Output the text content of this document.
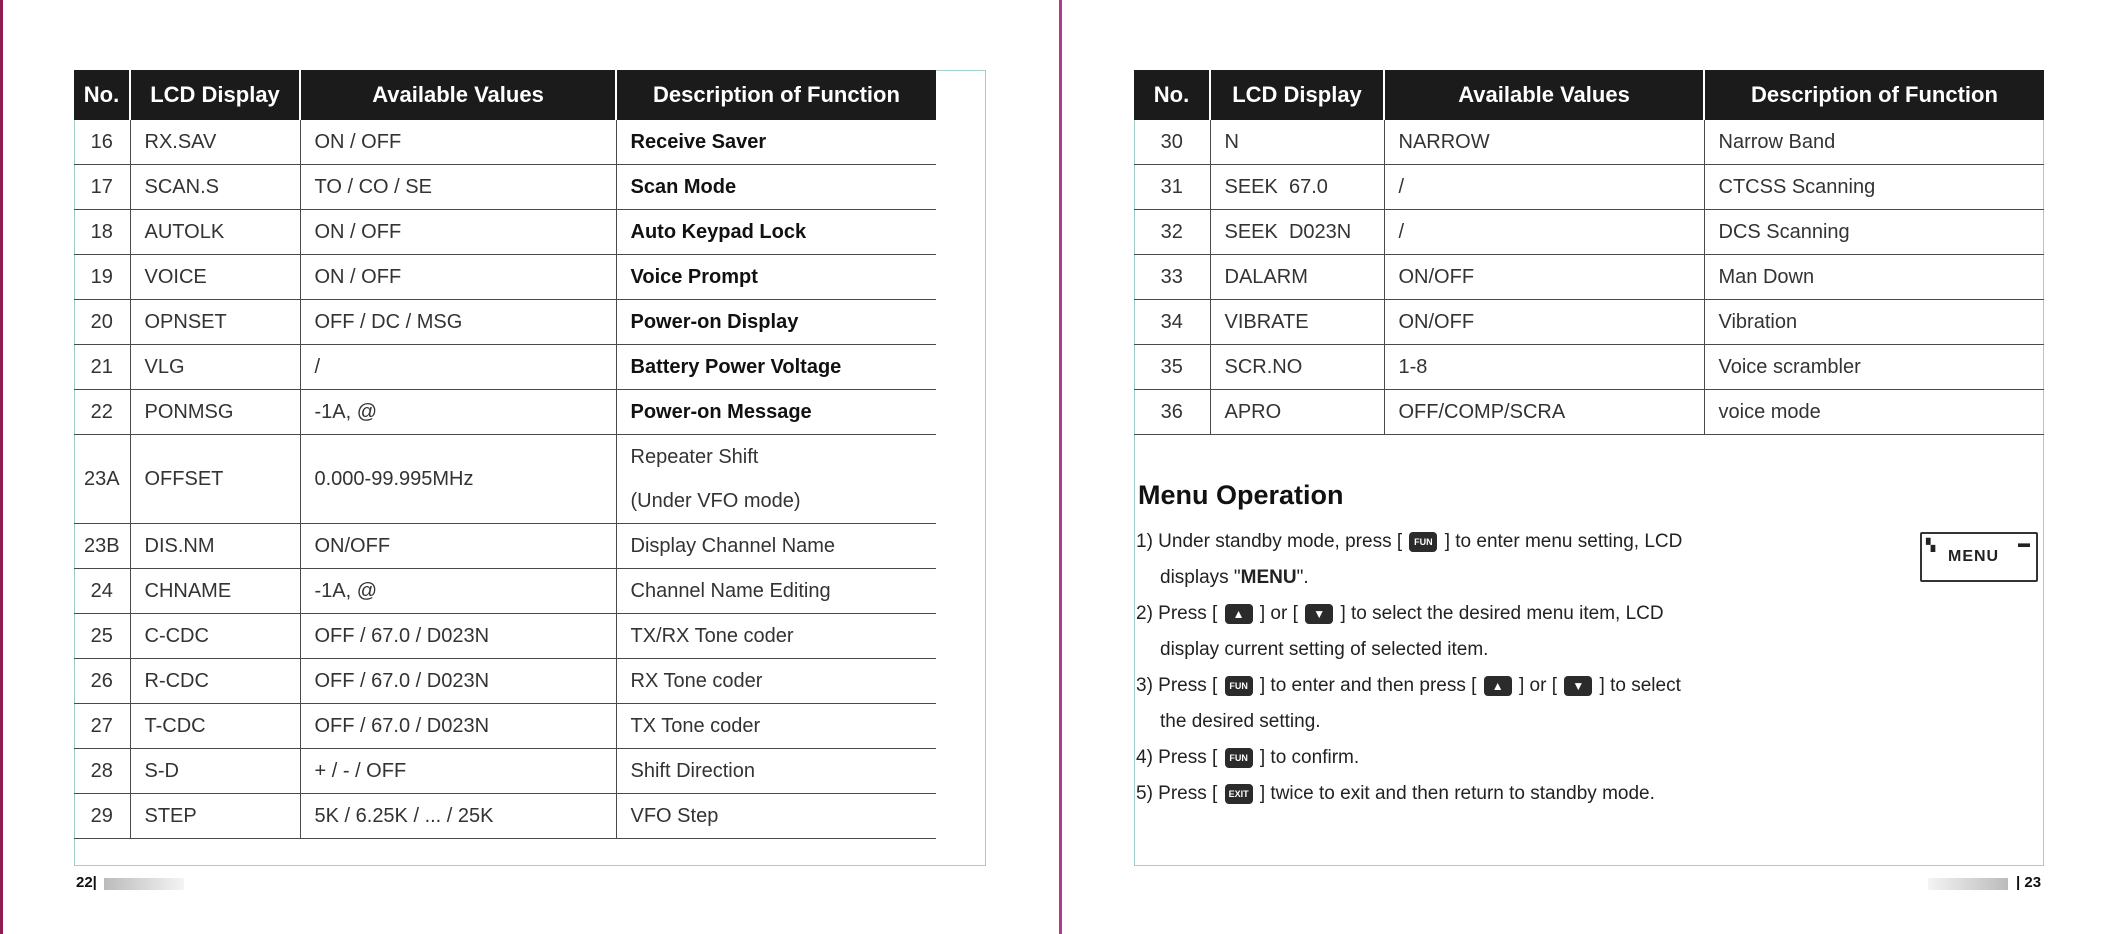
No.	LCD Display	Available Values	Description of Function
16	RX.SAV	ON / OFF	Receive Saver
17	SCAN.S	TO / CO / SE	Scan Mode
18	AUTOLK	ON / OFF	Auto Keypad Lock
19	VOICE	ON / OFF	Voice Prompt
20	OPNSET	OFF / DC / MSG	Power-on Display
21	VLG	/	Battery Power Voltage
22	PONMSG	-1A, @	Power-on Message
23A	OFFSET	0.000-99.995MHz	Repeater Shift
(Under VFO mode)

23B	DIS.NM	ON/OFF	Display Channel Name
24	CHNAME	-1A, @	Channel Name Editing
25	C-CDC	OFF / 67.0 / D023N	TX/RX Tone coder
26	R-CDC	OFF / 67.0 / D023N	RX Tone coder
27	T-CDC	OFF / 67.0 / D023N	TX Tone coder
28	S-D	+ / - / OFF	Shift Direction
29	STEP	5K / 6.25K / ... / 25K	VFO Step
No.	LCD Display	Available Values	Description of Function
30	N	NARROW	Narrow Band
31	SEEK  67.0	/	CTCSS Scanning
32	SEEK  D023N	/	DCS Scanning
33	DALARM	ON/OFF	Man Down
34	VIBRATE	ON/OFF	Vibration
35	SCR.NO	1-8	Voice scrambler
36	APRO	OFF/COMP/SCRA	voice mode
Menu Operation
1) Under standby mode, press [ FUN ] to enter menu setting, LCD
displays "MENU".
2) Press [ ▲ ] or [ ▼ ] to select the desired menu item, LCD
display current setting of selected item.
3) Press [ FUN ] to enter and then press [ ▲ ] or [ ▼ ] to select
the desired setting.
4) Press [ FUN ] to confirm.
5) Press [ EXIT ] twice to exit and then return to standby mode.
▚
MENU
▬
22|	| 23
